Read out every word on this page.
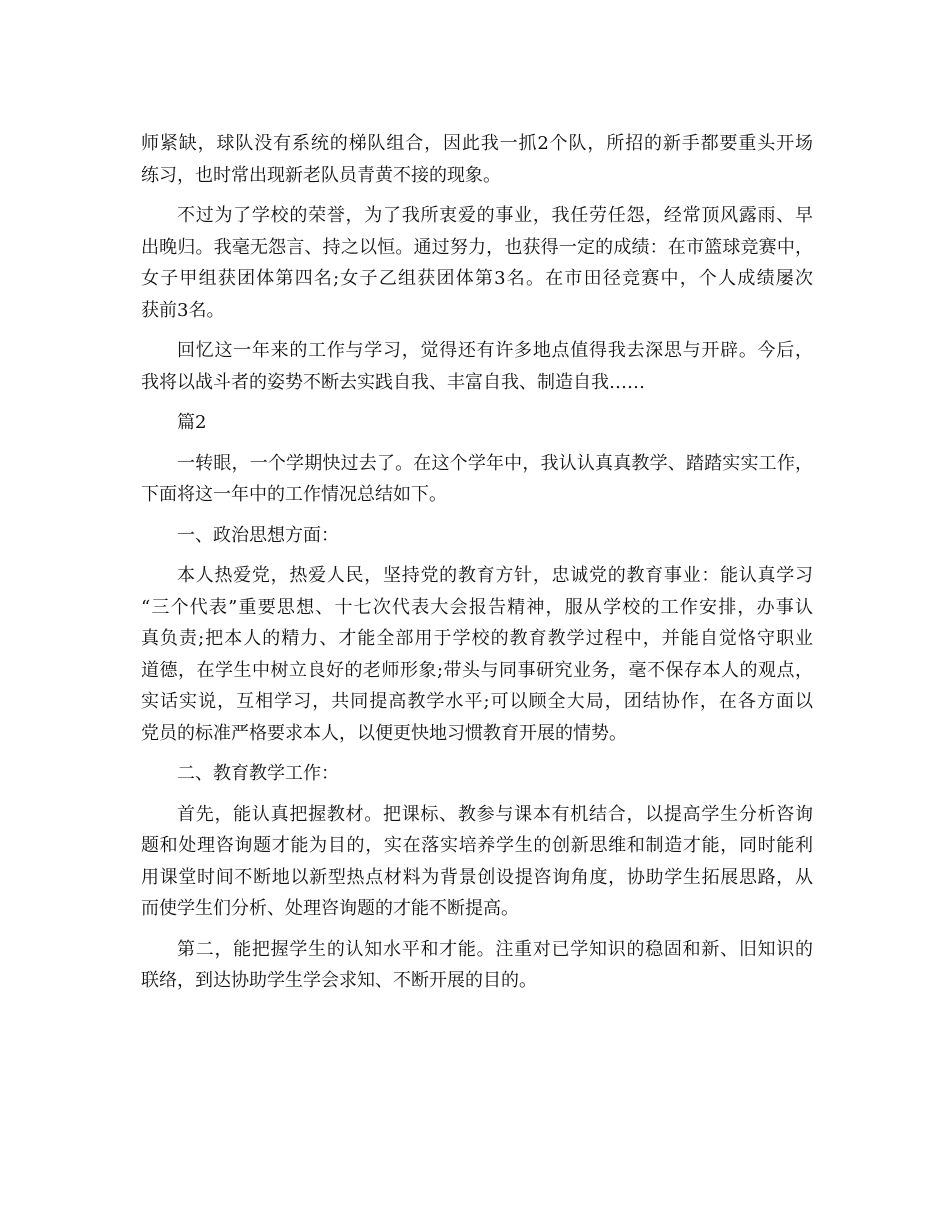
师紧缺，球队没有系统的梯队组合，因此我一抓2个队，所招的新手都要重头开场
练习，也时常出现新老队员青黄不接的现象。
不过为了学校的荣誉，为了我所衷爱的事业，我任劳任怨，经常顶风露雨、早
出晚归。我毫无怨言、持之以恒。通过努力，也获得一定的成绩：在市篮球竞赛中，
女子甲组获团体第四名;女子乙组获团体第3名。在市田径竞赛中，个人成绩屡次
获前3名。
回忆这一年来的工作与学习，觉得还有许多地点值得我去深思与开辟。今后，
我将以战斗者的姿势不断去实践自我、丰富自我、制造自我……
篇2
一转眼，一个学期快过去了。在这个学年中，我认认真真教学、踏踏实实工作，
下面将这一年中的工作情况总结如下。
一、政治思想方面：
本人热爱党，热爱人民，坚持党的教育方针，忠诚党的教育事业：能认真学习
“三个代表”重要思想、十七次代表大会报告精神，服从学校的工作安排，办事认
真负责;把本人的精力、才能全部用于学校的教育教学过程中，并能自觉恪守职业
道德，在学生中树立良好的老师形象;带头与同事研究业务，毫不保存本人的观点，
实话实说，互相学习，共同提高教学水平;可以顾全大局，团结协作，在各方面以
党员的标准严格要求本人，以便更快地习惯教育开展的情势。
二、教育教学工作：
首先，能认真把握教材。把课标、教参与课本有机结合，以提高学生分析咨询
题和处理咨询题才能为目的，实在落实培养学生的创新思维和制造才能，同时能利
用课堂时间不断地以新型热点材料为背景创设提咨询角度，协助学生拓展思路，从
而使学生们分析、处理咨询题的才能不断提高。
第二，能把握学生的认知水平和才能。注重对已学知识的稳固和新、旧知识的
联络，到达协助学生学会求知、不断开展的目的。
